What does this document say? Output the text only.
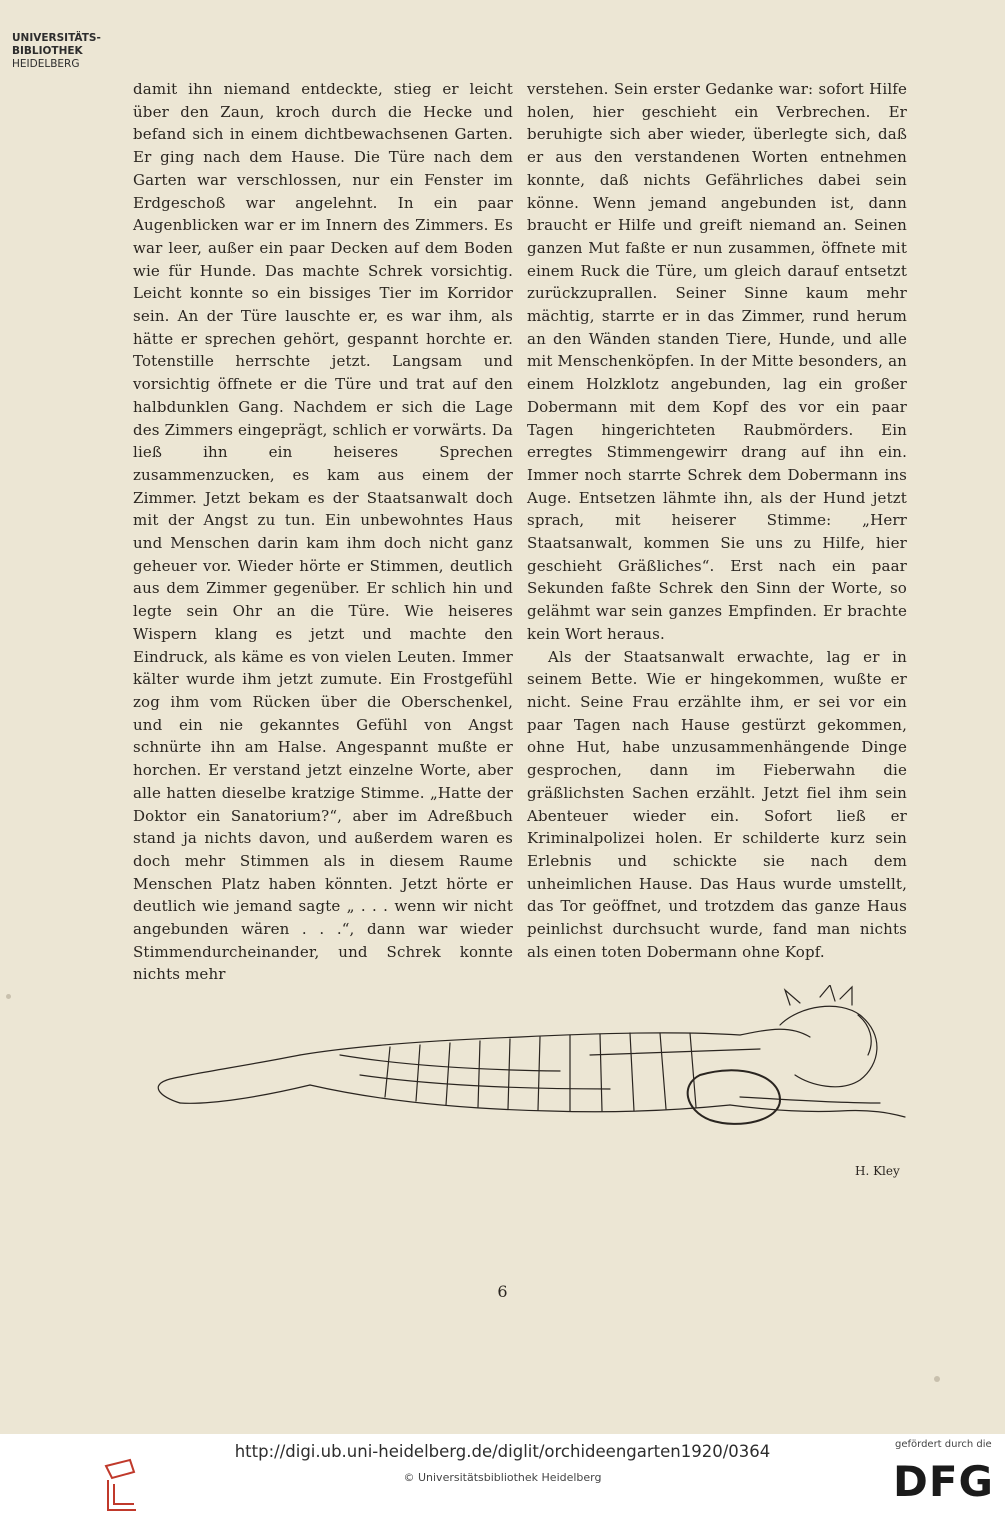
damit ihn niemand entdeckte, stieg er leicht über den Zaun, kroch durch die Hecke und befand sich in einem dichtbewachsenen Garten. Er ging nach dem Hause. Die Türe nach dem Garten war verschlossen, nur ein Fenster im Erdgeschoß war angelehnt. In ein paar Augenblicken war er im Innern des Zimmers. Es war leer, außer ein paar Decken auf dem Boden wie für Hunde. Das machte Schrek vorsichtig. Leicht konnte so ein bissiges Tier im Korridor sein. An der Türe lauschte er, es war ihm, als hätte er sprechen gehört, gespannt horchte er. Totenstille herrschte jetzt. Langsam und vorsichtig öffnete er die Türe und trat auf den halbdunklen Gang. Nachdem er sich die Lage des Zimmers eingeprägt, schlich er vorwärts. Da ließ ihn ein heiseres Sprechen zusammenzucken, es kam aus einem der Zimmer. Jetzt bekam es der Staatsanwalt doch mit der Angst zu tun. Ein unbewohntes Haus und Menschen darin kam ihm doch nicht ganz geheuer vor. Wieder hörte er Stimmen, deutlich aus dem Zimmer gegenüber. Er schlich hin und legte sein Ohr an die Türe. Wie heiseres Wispern klang es jetzt und machte den Eindruck, als käme es von vielen Leuten. Immer kälter wurde ihm jetzt zumute. Ein Frostgefühl zog ihm vom Rücken über die Oberschenkel, und ein nie gekanntes Gefühl von Angst schnürte ihn am Halse. Angespannt mußte er horchen. Er verstand jetzt einzelne Worte, aber alle hatten dieselbe kratzige Stimme. „Hatte der Doktor ein Sanatorium?“, aber im Adreßbuch stand ja nichts davon, und außerdem waren es doch mehr Stimmen als in diesem Raume Menschen Platz haben könnten. Jetzt hörte er deutlich wie jemand sagte „ . . . wenn wir nicht angebunden wären . . .“, dann war wieder Stimmendurcheinander, und Schrek konnte nichts mehr

verstehen. Sein erster Gedanke war: sofort Hilfe holen, hier geschieht ein Verbrechen. Er beruhigte sich aber wieder, überlegte sich, daß er aus den verstandenen Worten entnehmen konnte, daß nichts Gefährliches dabei sein könne. Wenn jemand angebunden ist, dann braucht er Hilfe und greift niemand an. Seinen ganzen Mut faßte er nun zusammen, öffnete mit einem Ruck die Türe, um gleich darauf entsetzt zurückzuprallen. Seiner Sinne kaum mehr mächtig, starrte er in das Zimmer, rund herum an den Wänden standen Tiere, Hunde, und alle mit Menschenköpfen. In der Mitte besonders, an einem Holzklotz angebunden, lag ein großer Dobermann mit dem Kopf des vor ein paar Tagen hingerichteten Raubmörders. Ein erregtes Stimmengewirr drang auf ihn ein. Immer noch starrte Schrek dem Dobermann ins Auge. Entsetzen lähmte ihn, als der Hund jetzt sprach, mit heiserer Stimme: „Herr Staatsanwalt, kommen Sie uns zu Hilfe, hier geschieht Gräßliches“. Erst nach ein paar Sekunden faßte Schrek den Sinn der Worte, so gelähmt war sein ganzes Empfinden. Er brachte kein Wort heraus.

Als der Staatsanwalt erwachte, lag er in seinem Bette. Wie er hingekommen, wußte er nicht. Seine Frau erzählte ihm, er sei vor ein paar Tagen nach Hause gestürzt gekommen, ohne Hut, habe unzusammenhängende Dinge gesprochen, dann im Fieberwahn die gräßlichsten Sachen erzählt. Jetzt fiel ihm sein Abenteuer wieder ein. Sofort ließ er Kriminalpolizei holen. Er schilderte kurz sein Erlebnis und schickte sie nach dem unheimlichen Hause. Das Haus wurde umstellt, das Tor geöffnet, und trotzdem das ganze Haus peinlichst durchsucht wurde, fand man nichts als einen toten Dobermann ohne Kopf.

H. Kley
6
UNIVERSITÄTS-
BIBLIOTHEK
HEIDELBERG
http://digi.ub.uni-heidelberg.de/diglit/orchideengarten1920/0364
© Universitätsbibliothek Heidelberg
gefördert durch die
DFG
